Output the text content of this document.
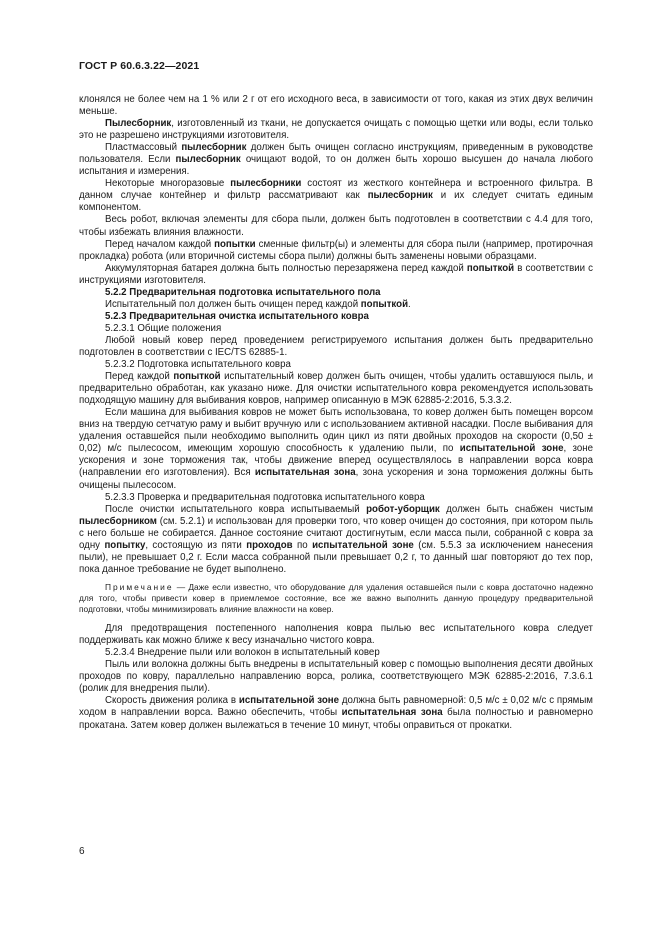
ГОСТ Р 60.6.3.22—2021

клонялся не более чем на 1 % или 2 г от его исходного веса, в зависимости от того, какая из этих двух величин меньше.

Пылесборник, изготовленный из ткани, не допускается очищать с помощью щетки или воды, если только это не разрешено инструкциями изготовителя.

Пластмассовый пылесборник должен быть очищен согласно инструкциям, приведенным в руководстве пользователя. Если пылесборник очищают водой, то он должен быть хорошо высушен до начала любого испытания и измерения.

Некоторые многоразовые пылесборники состоят из жесткого контейнера и встроенного фильтра. В данном случае контейнер и фильтр рассматривают как пылесборник и их следует считать единым компонентом.

Весь робот, включая элементы для сбора пыли, должен быть подготовлен в соответствии с 4.4 для того, чтобы избежать влияния влажности.

Перед началом каждой попытки сменные фильтр(ы) и элементы для сбора пыли (например, протирочная прокладка) робота (или вторичной системы сбора пыли) должны быть заменены новыми образцами.

Аккумуляторная батарея должна быть полностью перезаряжена перед каждой попыткой в соответствии с инструкциями изготовителя.

5.2.2 Предварительная подготовка испытательного пола

Испытательный пол должен быть очищен перед каждой попыткой.

5.2.3 Предварительная очистка испытательного ковра

5.2.3.1 Общие положения

Любой новый ковер перед проведением регистрируемого испытания должен быть предварительно подготовлен в соответствии с IEC/TS 62885-1.

5.2.3.2 Подготовка испытательного ковра

Перед каждой попыткой испытательный ковер должен быть очищен, чтобы удалить оставшуюся пыль, и предварительно обработан, как указано ниже. Для очистки испытательного ковра рекомендуется использовать подходящую машину для выбивания ковров, например описанную в МЭК 62885-2:2016, 5.3.3.2.

Если машина для выбивания ковров не может быть использована, то ковер должен быть помещен ворсом вниз на твердую сетчатую раму и выбит вручную или с использованием активной насадки. После выбивания для удаления оставшейся пыли необходимо выполнить один цикл из пяти двойных проходов на скорости (0,50 ± 0,02) м/с пылесосом, имеющим хорошую способность к удалению пыли, по испытательной зоне, зоне ускорения и зоне торможения так, чтобы движение вперед осуществлялось в направлении ворса ковра (направлении его изготовления). Вся испытательная зона, зона ускорения и зона торможения должны быть очищены пылесосом.

5.2.3.3 Проверка и предварительная подготовка испытательного ковра

После очистки испытательного ковра испытываемый робот-уборщик должен быть снабжен чистым пылесборником (см. 5.2.1) и использован для проверки того, что ковер очищен до состояния, при котором пыль с него больше не собирается. Данное состояние считают достигнутым, если масса пыли, собранной с ковра за одну попытку, состоящую из пяти проходов по испытательной зоне (см. 5.5.3 за исключением нанесения пыли), не превышает 0,2 г. Если масса собранной пыли превышает 0,2 г, то данный шаг повторяют до тех пор, пока данное требование не будет выполнено.

Примечание — Даже если известно, что оборудование для удаления оставшейся пыли с ковра достаточно надежно для того, чтобы привести ковер в приемлемое состояние, все же важно выполнить данную процедуру предварительной подготовки, чтобы минимизировать влияние влажности на ковер.

Для предотвращения постепенного наполнения ковра пылью вес испытательного ковра следует поддерживать как можно ближе к весу изначально чистого ковра.

5.2.3.4 Внедрение пыли или волокон в испытательный ковер

Пыль или волокна должны быть внедрены в испытательный ковер с помощью выполнения десяти двойных проходов по ковру, параллельно направлению ворса, ролика, соответствующего МЭК 62885-2:2016, 7.3.6.1 (ролик для внедрения пыли).

Скорость движения ролика в испытательной зоне должна быть равномерной: 0,5 м/с ± 0,02 м/с с прямым ходом в направлении ворса. Важно обеспечить, чтобы испытательная зона была полностью и равномерно прокатана. Затем ковер должен вылежаться в течение 10 минут, чтобы оправиться от прокатки.

6
